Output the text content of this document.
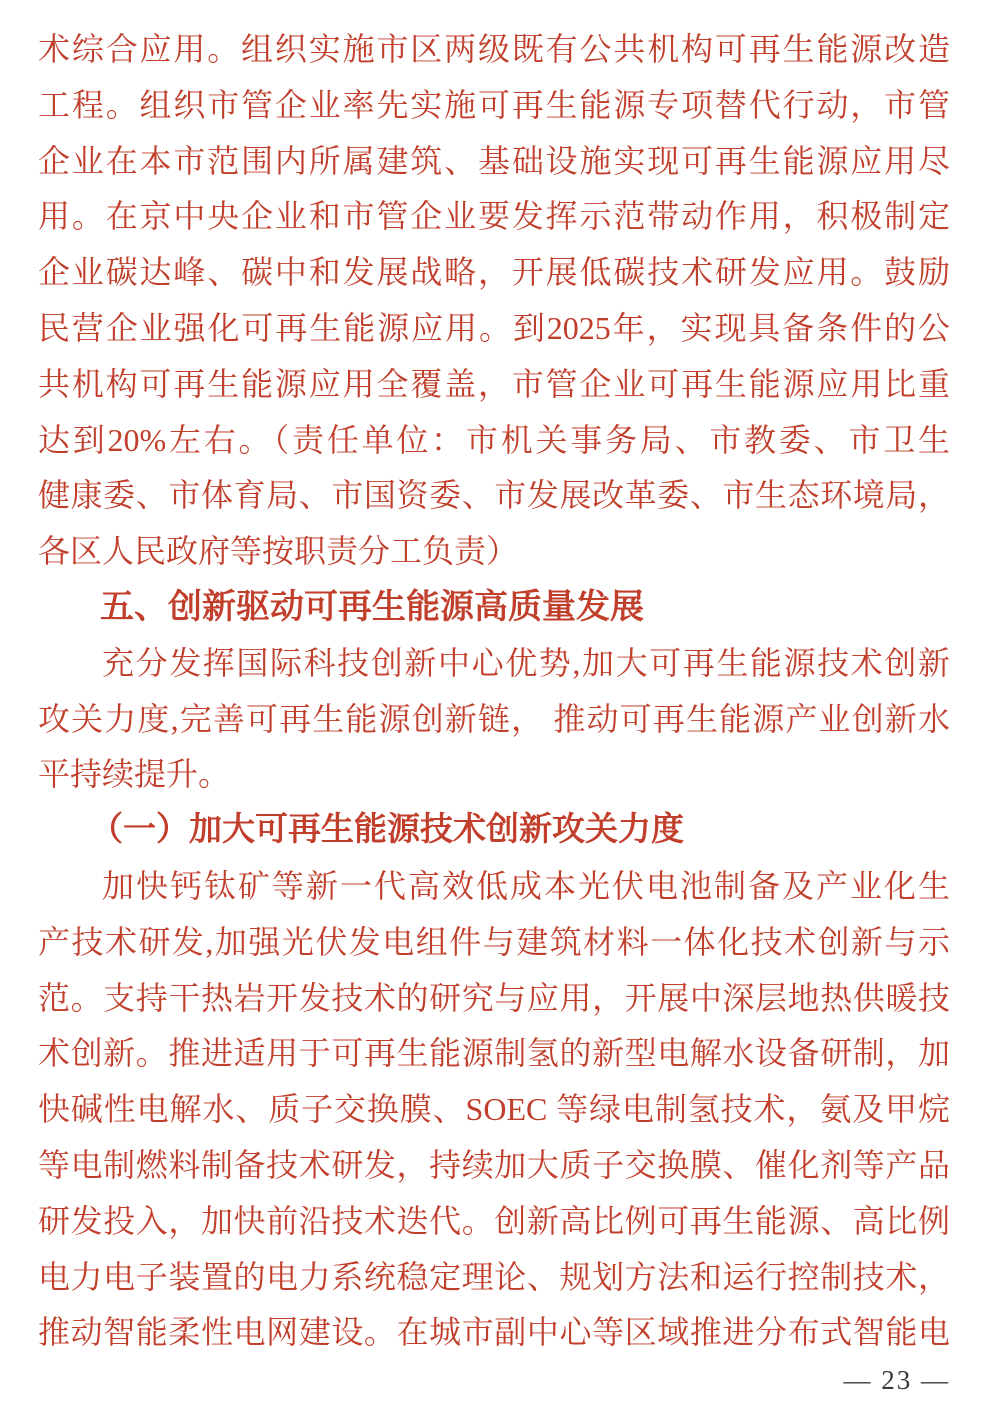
术综合应用。组织实施市区两级既有公共机构可再生能源改造
工程。组织市管企业率先实施可再生能源专项替代行动，市管
企业在本市范围内所属建筑、基础设施实现可再生能源应用尽
用。在京中央企业和市管企业要发挥示范带动作用，积极制定
企业碳达峰、碳中和发展战略，开展低碳技术研发应用。鼓励
民营企业强化可再生能源应用。到2025年，实现具备条件的公
共机构可再生能源应用全覆盖，市管企业可再生能源应用比重
达到20%左右。（责任单位：市机关事务局、市教委、市卫生
健康委、市体育局、市国资委、市发展改革委、市生态环境局，
各区人民政府等按职责分工负责）
五、创新驱动可再生能源高质量发展
充分发挥国际科技创新中心优势,加大可再生能源技术创新
攻关力度,完善可再生能源创新链， 推动可再生能源产业创新水
平持续提升。
（一）加大可再生能源技术创新攻关力度
加快钙钛矿等新一代高效低成本光伏电池制备及产业化生
产技术研发,加强光伏发电组件与建筑材料一体化技术创新与示
范。支持干热岩开发技术的研究与应用，开展中深层地热供暖技
术创新。推进适用于可再生能源制氢的新型电解水设备研制，加
快碱性电解水、质子交换膜、SOEC 等绿电制氢技术，氨及甲烷
等电制燃料制备技术研发，持续加大质子交换膜、催化剂等产品
研发投入，加快前沿技术迭代。创新高比例可再生能源、高比例
电力电子装置的电力系统稳定理论、规划方法和运行控制技术，
推动智能柔性电网建设。在城市副中心等区域推进分布式智能电
— 23 —
